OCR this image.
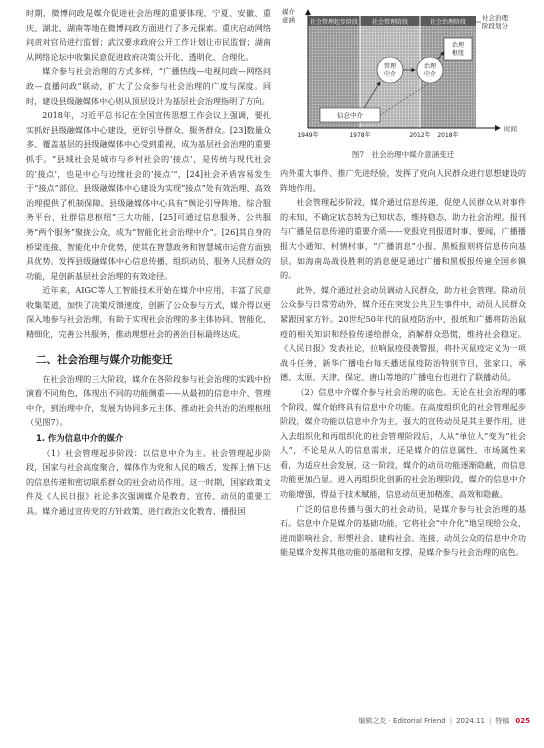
时期，微博问政是媒介促进社会治理的重要体现，宁夏、安徽、重庆、湖北、湖南等地在微博问政方面进行了多元探索。重庆启动网络问责对官员进行监督；武汉要求政府公开工作计划让市民监督；湖南从网络论坛中收集民意促进政府决策公开化、透明化、合理化。

媒介参与社会治理的方式多样，“广播热线—电视问政—网络问政—直播问政”联动，扩大了公众参与社会治理的广度与深度。同时，建设县级融媒体中心则从顶层设计为基层社会治理指明了方向。

2018年，习近平总书记在全国宣传思想工作会议上强调，要扎实抓好县级融媒体中心建设，更好引导群众、服务群众。[23]数量众多、覆盖基层的县级融媒体中心受到重视，成为基层社会治理的重要抓手。“县域社会是城市与乡村社会的‘接点’，是传统与现代社会的‘接点’，也是中心与边缘社会的‘接点’”，[24]社会矛盾容易发生于“接点”部位。县级融媒体中心建设为实现“接点”处有效治理、高效治理提供了机制保障。县级融媒体中心具有“舆论引导阵地、综合服务平台、社群信息枢纽”三大功能，[25]可通过信息服务、公共服务“两个服务”聚拢公众，成为“智能化社会治理中介”。[26]其自身的桥梁连接、智能化中介优势，使其在智慧政务和智慧城市运营方面独具优势。发挥县级融媒体中心信息传播、组织动员、服务人民群众的功能，是创新基层社会治理的有效途径。

近年来，AIGC等人工智能技术开始在媒介中应用，丰富了民意收集渠道，加快了决策反馈速度，创新了公众参与方式，媒介得以更深入地参与社会治理，有助于实现社会治理的多主体协同、智能化、精细化，完善公共服务，推动理想社会的善治目标最终达成。

二、社会治理与媒介功能变迁

在社会治理的三大阶段，媒介在各阶段参与社会治理的实践中扮演着不同角色，体现出不同的功能侧重——从最初的信息中介、管理中介，到治理中介，发展为协同多元主体、推动社会共治的治理枢纽（见图7）。

1. 作为信息中介的媒介

（1）社会管理起步阶段：以信息中介为主。社会管理起步阶段，国家与社会高度聚合，媒体作为党和人民的喉舌，发挥上情下达的信息传递和密切联系群众的社会动员作用。这一时期，国家政策文件及《人民日报》社论多次强调媒介是教育、宣传、动员的重要工具。媒介通过宣传党的方针政策、进行政治文化教育、播报国

社会管理起步阶段 社会管理阶段	社会治理阶段
媒介
意涵
时间
社会治理
阶段划分
1949年	1978年	2012年 2018年
信息中介
管理
中介
治理
中介
治理
枢纽
图7　社会治理中媒介意涵变迁

内外重大事件、推广先进经验，发挥了党向人民群众进行思想建设的阵地作用。

社会管理起步阶段，媒介通过信息传递，促使人民群众从对事件的未知、不确定状态转为已知状态，维持稳态，助力社会治理。报刊与广播是信息传递的重要介质——党报党刊报道时事、要闻，广播播报大小通知、村情村事，“广播消息”小报、黑板报则将信息传向基层。如海南岛战役胜利的消息便是通过广播和黑板报传遍全国乡镇的。

此外，媒介通过社会动员调动人民群众，助力社会管理。除动员公众参与日常劳动外，媒介还在突发公共卫生事件中，动员人民群众紧跟国家方针。20世纪50年代的鼠疫防治中，报纸和广播将防治鼠疫的相关知识和经验传递给群众，消解群众恐慌，维持社会稳定。《人民日报》发表社论，拉响鼠疫侵袭警报，将扑灭鼠疫定义为一项战斗任务，新华广播电台每天播送鼠疫防治特别节目，张家口、承德、太原、天津、保定、唐山等地的广播电台也进行了联播动员。

（2）信息中介媒介参与社会治理的底色。无论在社会治理的哪个阶段，媒介始终具有信息中介功能。在高度组织化的社会管理起步阶段，媒介功能以信息中介为主，强大的宣传动员是其主要作用。进入去组织化和再组织化的社会管理阶段后，人从“单位人”变为“社会人”，不论是从人的信息需求，还是媒介的信息属性、市场属性来看，为适应社会发展，这一阶段，媒介的动员功能逐渐隐蔽，而信息功能更加凸显。进入再组织化创新的社会治理阶段，媒介的信息中介功能增强，得益于技术赋能，信息动员更加精准、高效和隐蔽。

广泛的信息传播与强大的社会动员，是媒介参与社会治理的基石。信息中介是媒介的基础功能，它将社会“中介化”地呈现给公众，进而影响社会、形塑社会、建构社会。连接、动员公众的信息中介功能是媒介发挥其他功能的基础和支撑，是媒介参与社会治理的底色。

编辑之友 · Editorial Friend | 2024.11 | 特稿 025
